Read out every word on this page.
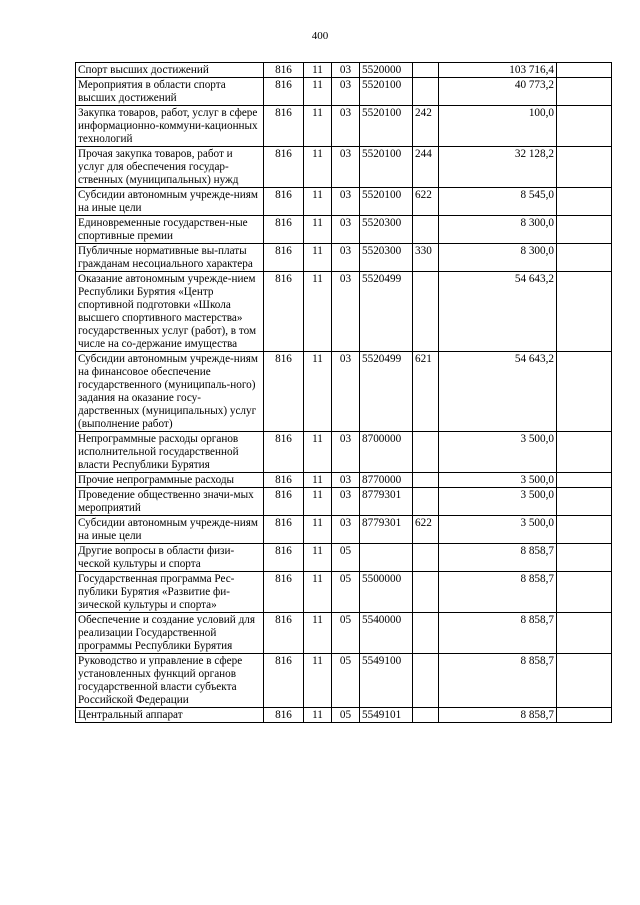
400
Спорт высших достижений	816	11	03	5520000		103 716,4	
Мероприятия в области спорта высших достижений	816	11	03	5520100		40 773,2	
Закупка товаров, работ, услуг в сфере информационно-коммуни-кационных технологий	816	11	03	5520100	242	100,0	
Прочая закупка товаров, работ и услуг для обеспечения государ-ственных (муниципальных) нужд	816	11	03	5520100	244	32 128,2	
Субсидии автономным учрежде-ниям на иные цели	816	11	03	5520100	622	8 545,0	
Единовременные государствен-ные спортивные премии	816	11	03	5520300		8 300,0	
Публичные нормативные вы-платы гражданам несоциального характера	816	11	03	5520300	330	8 300,0	
Оказание автономным учрежде-нием Республики Бурятия «Центр спортивной подготовки «Школа высшего спортивного мастерства» государственных услуг (работ), в том числе на со-держание имущества	816	11	03	5520499		54 643,2	
Субсидии автономным учрежде-ниям на финансовое обеспечение государственного (муниципаль-ного) задания на оказание госу-дарственных (муниципальных) услуг (выполнение работ)	816	11	03	5520499	621	54 643,2	
Непрограммные расходы органов исполнительной государственной власти Республики Бурятия	816	11	03	8700000		3 500,0	
Прочие непрограммные расходы	816	11	03	8770000		3 500,0	
Проведение общественно значи-мых мероприятий	816	11	03	8779301		3 500,0	
Субсидии автономным учрежде-ниям на иные цели	816	11	03	8779301	622	3 500,0	
Другие вопросы в области физи-ческой культуры и спорта	816	11	05			8 858,7	
Государственная программа Рес-публики Бурятия «Развитие фи-зической культуры и спорта»	816	11	05	5500000		8 858,7	
Обеспечение и создание условий для реализации Государственной программы Республики Бурятия	816	11	05	5540000		8 858,7	
Руководство и управление в сфере установленных функций органов государственной власти субъекта Российской Федерации	816	11	05	5549100		8 858,7	
Центральный аппарат	816	11	05	5549101		8 858,7	
